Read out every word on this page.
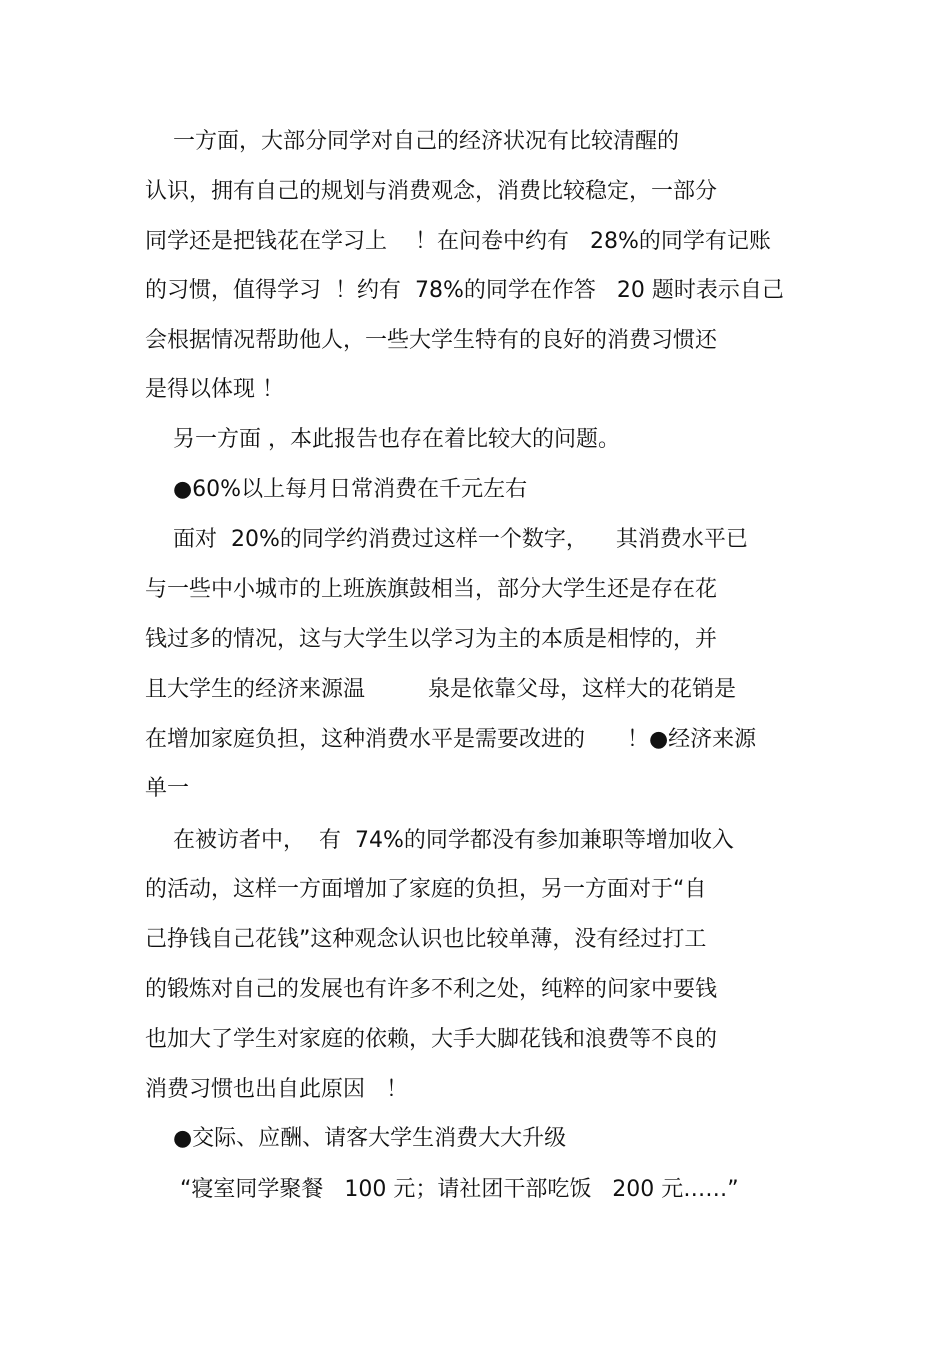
一方面，大部分同学对自己的经济状况有比较清醒的
认识，拥有自己的规划与消费观念，消费比较稳定，一部分
同学还是把钱花在学习上    ！在问卷中约有   28%的同学有记账
的习惯，值得学习  ！约有  78%的同学在作答   20 题时表示自己
会根据情况帮助他人，一些大学生特有的良好的消费习惯还
是得以体现 ！
另一方面 ，本此报告也存在着比较大的问题。
●60%以上每月日常消费在千元左右
面对  20%的同学约消费过这样一个数字，    其消费水平已
与一些中小城市的上班族旗鼓相当，部分大学生还是存在花
钱过多的情况，这与大学生以学习为主的本质是相悖的，并
且大学生的经济来源温         泉是依靠父母，这样大的花销是
在增加家庭负担，这种消费水平是需要改进的      ！●经济来源
单一
在被访者中，  有  74%的同学都没有参加兼职等增加收入
的活动，这样一方面增加了家庭的负担，另一方面对于“自
己挣钱自己花钱”这种观念认识也比较单薄，没有经过打工
的锻炼对自己的发展也有许多不利之处，纯粹的问家中要钱
也加大了学生对家庭的依赖，大手大脚花钱和浪费等不良的
消费习惯也出自此原因   ！
●交际、应酬、请客大学生消费大大升级
“寝室同学聚餐   100 元；请社团干部吃饭   200 元……”
